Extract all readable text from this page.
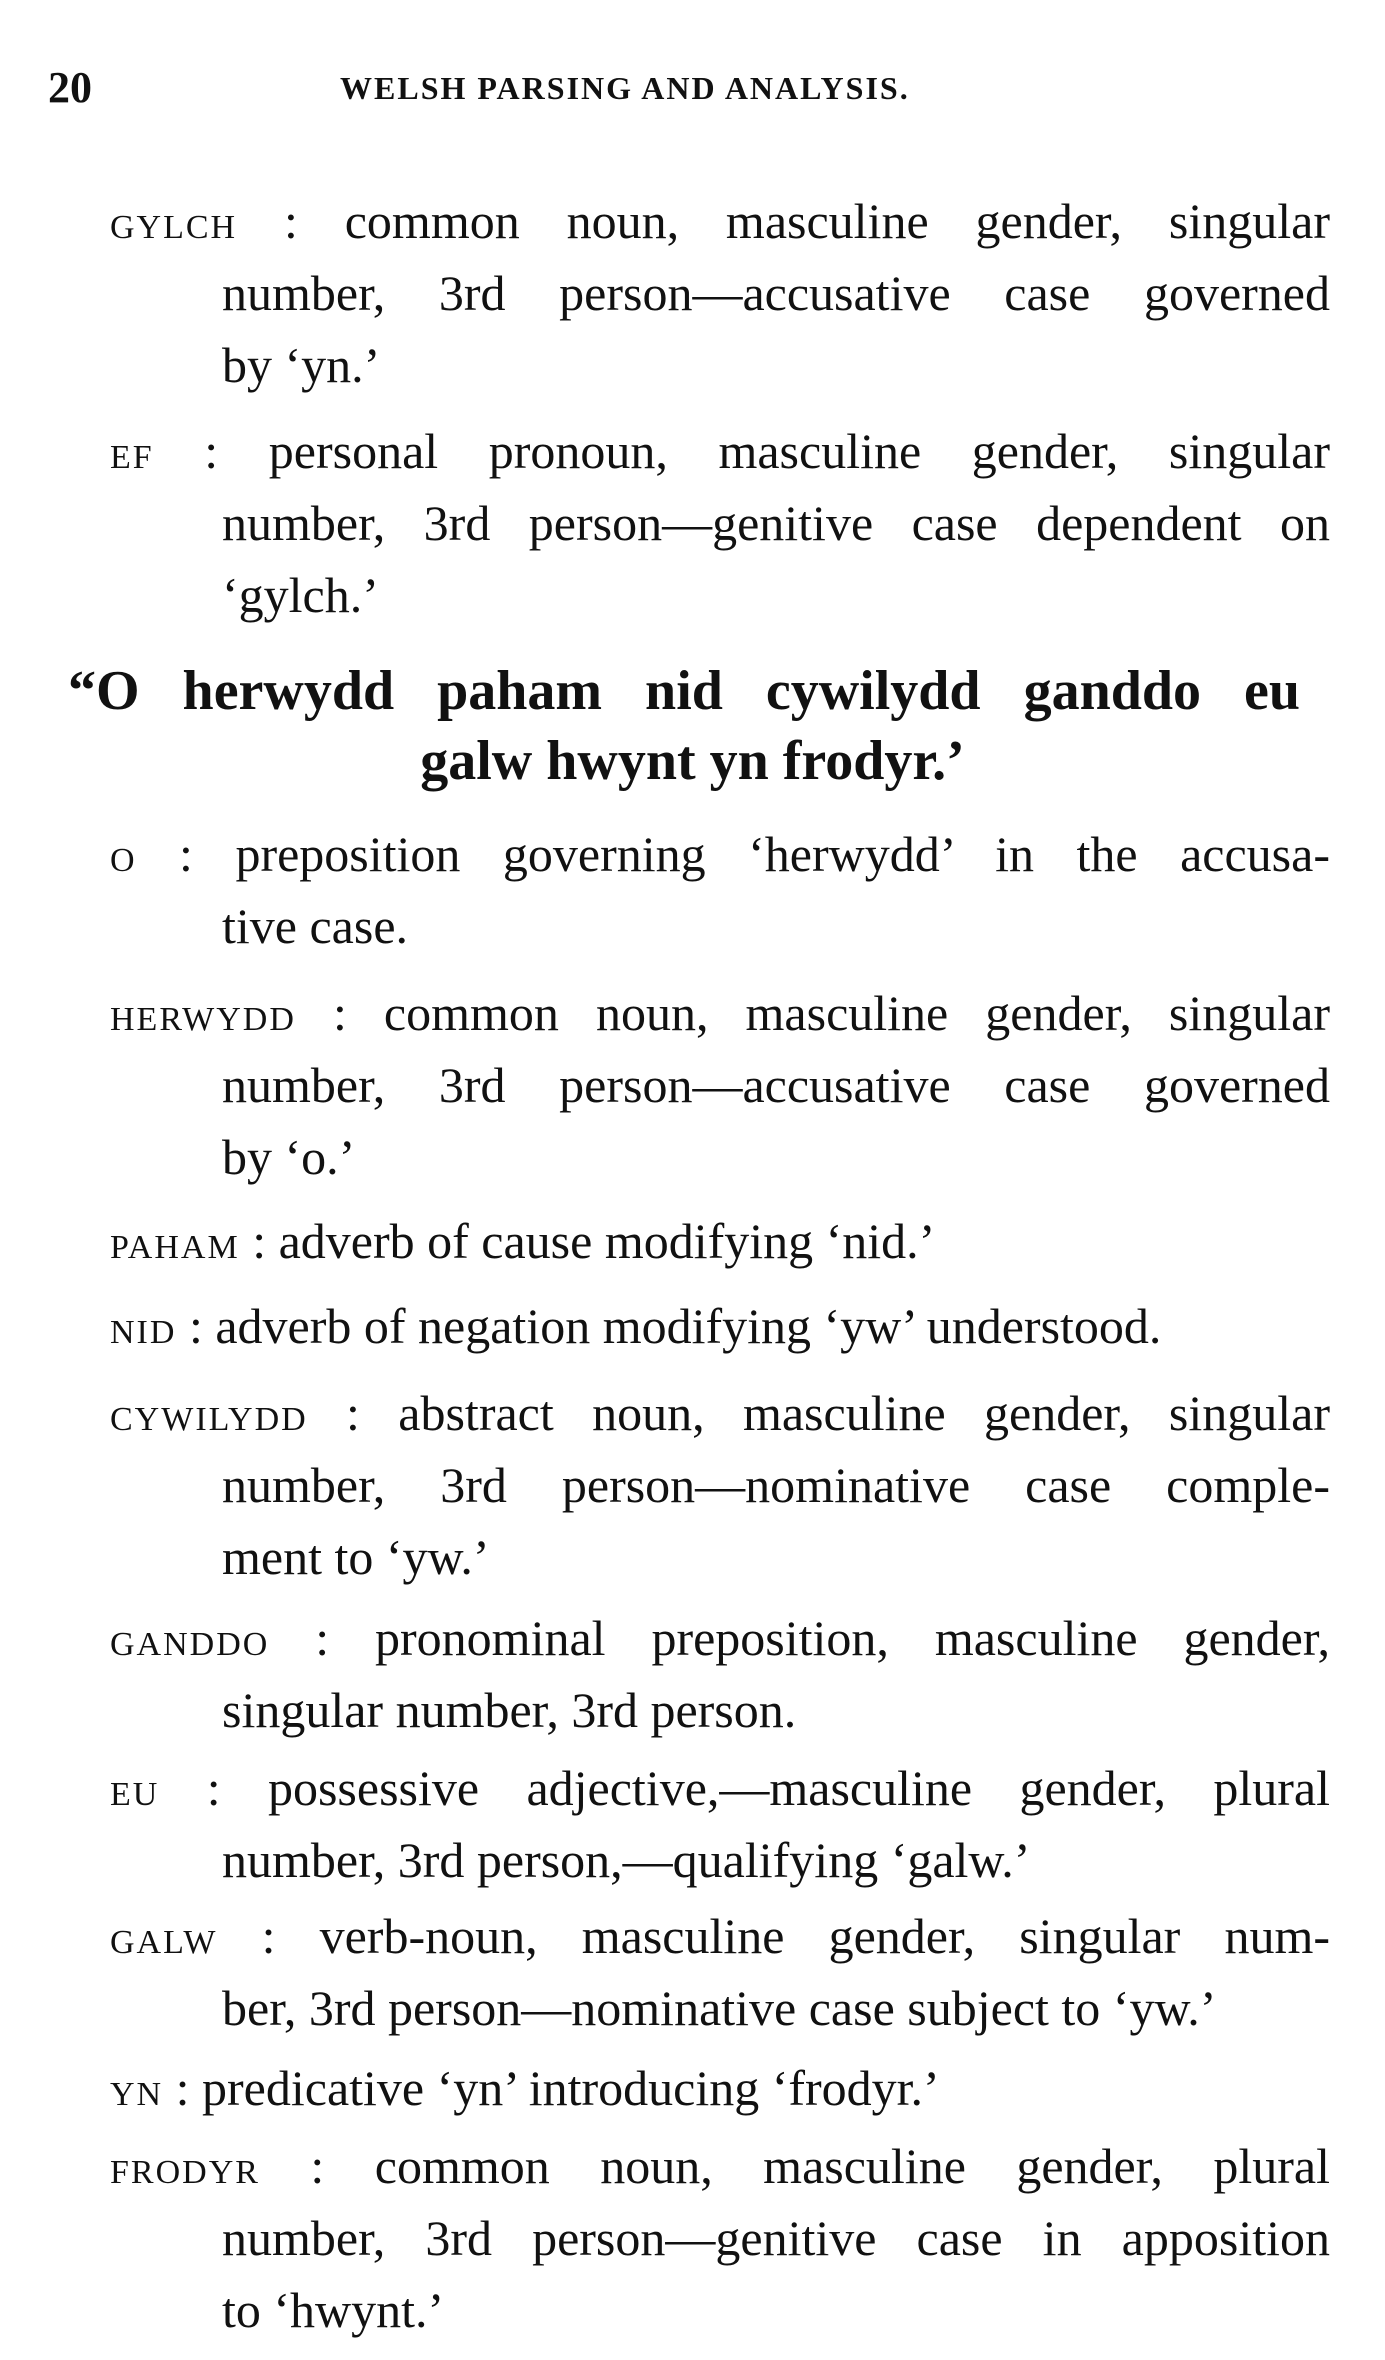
20	WELSH PARSING AND ANALYSIS.
GYLCH : common noun, masculine gender, singular
number, 3rd person—accusative case governed
by ‘yn.’
EF : personal pronoun, masculine gender, singular
number, 3rd person—genitive case dependent on
‘gylch.’
“O herwydd paham nid cywilydd ganddo eu
galw hwynt yn frodyr.’
O : preposition governing ‘herwydd’ in the accusa-
tive case.
HERWYDD : common noun, masculine gender, singular
number, 3rd person—accusative case governed
by ‘o.’
PAHAM : adverb of cause modifying ‘nid.’
NID : adverb of negation modifying ‘yw’ understood.
CYWILYDD : abstract noun, masculine gender, singular
number, 3rd person—nominative case comple-
ment to ‘yw.’
GANDDO : pronominal preposition, masculine gender,
singular number, 3rd person.
EU : possessive adjective,—masculine gender, plural
number, 3rd person,—qualifying ‘galw.’
GALW : verb-noun, masculine gender, singular num-
ber, 3rd person—nominative case subject to ‘yw.’
YN : predicative ‘yn’ introducing ‘frodyr.’
FRODYR : common noun, masculine gender, plural
number, 3rd person—genitive case in apposition
to ‘hwynt.’
